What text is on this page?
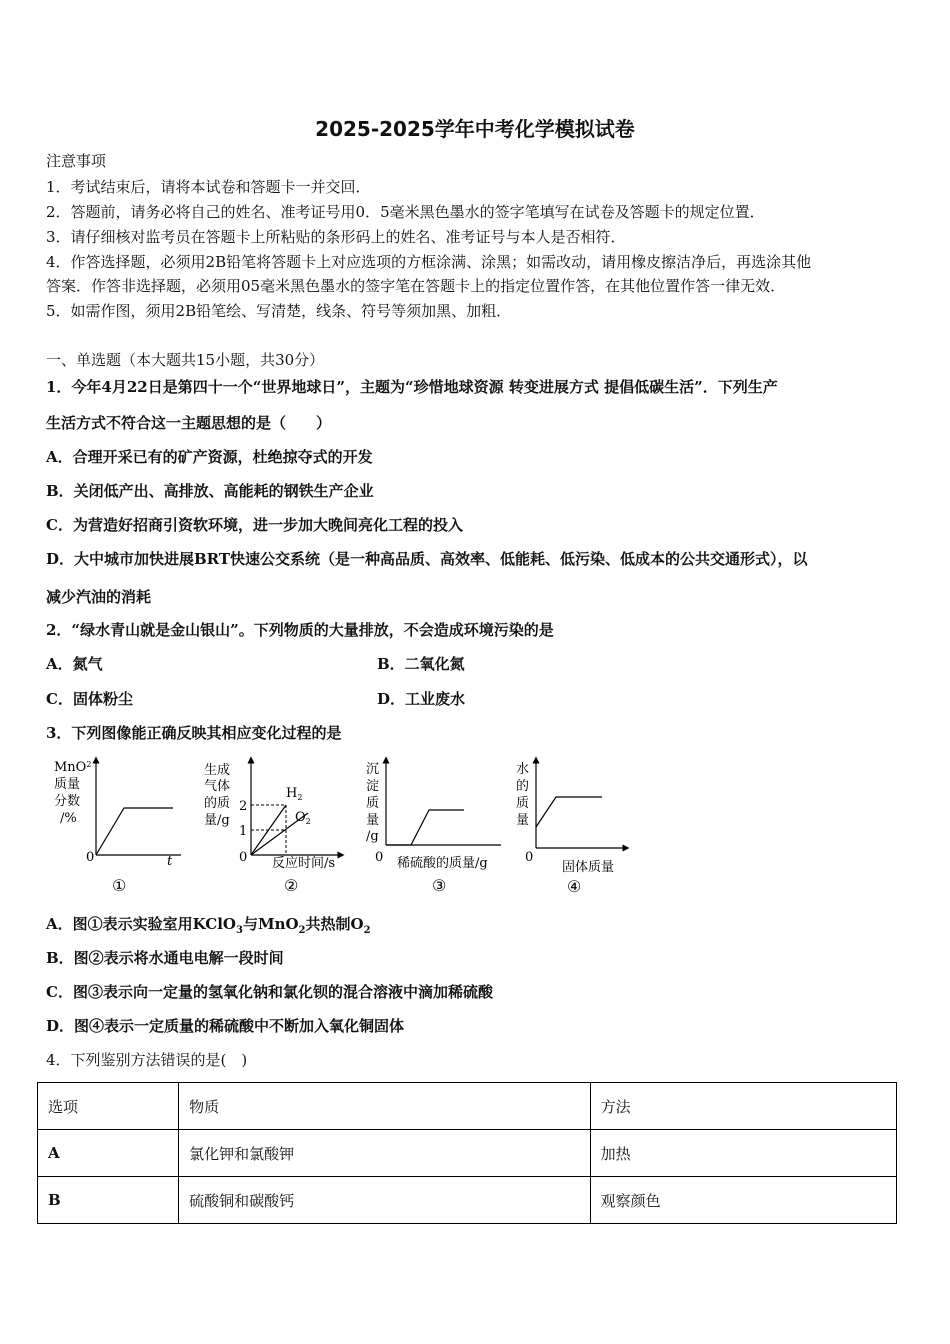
2025-2025学年中考化学模拟试卷
注意事项
1．考试结束后，请将本试卷和答题卡一并交回．
2．答题前，请务必将自己的姓名、准考证号用0．5毫米黑色墨水的签字笔填写在试卷及答题卡的规定位置．
3．请仔细核对监考员在答题卡上所粘贴的条形码上的姓名、准考证号与本人是否相符．
4．作答选择题，必须用2B铅笔将答题卡上对应选项的方框涂满、涂黑；如需改动，请用橡皮擦洁净后，再选涂其他
答案．作答非选择题，必须用05毫米黑色墨水的签字笔在答题卡上的指定位置作答，在其他位置作答一律无效．
5．如需作图，须用2B铅笔绘、写清楚，线条、符号等须加黑、加粗．
一、单选题（本大题共15小题，共30分）
1．今年4月22日是第四十一个“世界地球日”，主题为“珍惜地球资源 转变进展方式 提倡低碳生活”．下列生产
生活方式不符合这一主题思想的是（　　）
A．合理开采已有的矿产资源，杜绝掠夺式的开发
B．关闭低产出、高排放、高能耗的钢铁生产企业
C．为营造好招商引资软环境，进一步加大晚间亮化工程的投入
D．大中城市加快进展BRT快速公交系统（是一种高品质、高效率、低能耗、低污染、低成本的公共交通形式），以
减少汽油的消耗
2．“绿水青山就是金山银山”。下列物质的大量排放，不会造成环境污染的是
A．氮气	B．二氧化氮
C．固体粉尘	D．工业废水
3．下列图像能正确反映其相应变化过程的是
MnO$^2$
质量
分数
/%
0	t
①
生成
气体
的质
量/g
2
1
0
$H_2$
$O_2$
反应时间/s
②
沉
淀
质
量
/g
0 稀硫酸的质量/g
③
水
的
质
量
0
固体质量
④
A．图①表示实验室用KClO$_3$与MnO$_2$共热制$O_2$
B．图②表示将水通电电解一段时间
C．图③表示向一定量的氢氧化钠和氯化钡的混合溶液中滴加稀硫酸
D．图④表示一定质量的稀硫酸中不断加入氧化铜固体
4．下列鉴别方法错误的是(　)
选项	物质	方法
A	氯化钾和氯酸钾	加热
B	硫酸铜和碳酸钙	观察颜色
